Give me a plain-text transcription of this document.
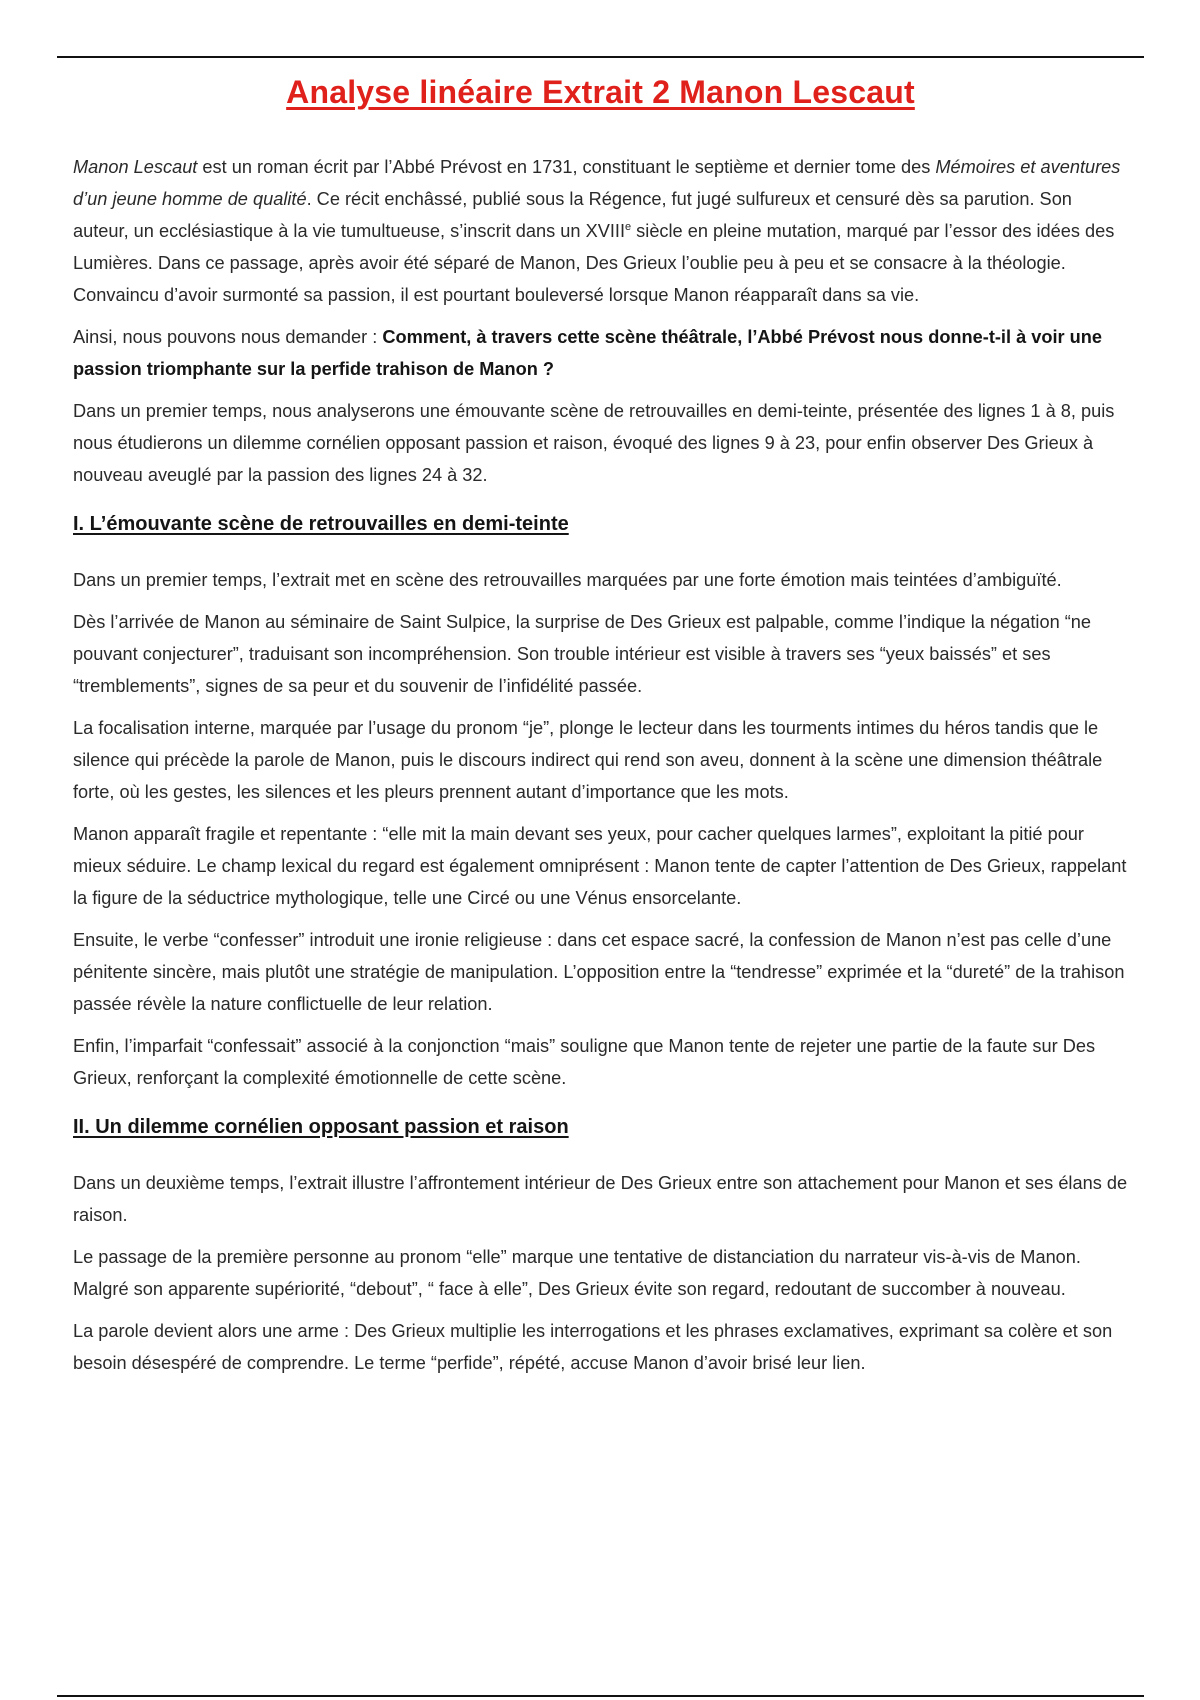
Analyse linéaire Extrait 2 Manon Lescaut

Manon Lescaut est un roman écrit par l’Abbé Prévost en 1731, constituant le septième et dernier tome des Mémoires et aventures d’un jeune homme de qualité. Ce récit enchâssé, publié sous la Régence, fut jugé sulfureux et censuré dès sa parution. Son auteur, un ecclésiastique à la vie tumultueuse, s’inscrit dans un XVIIIe siècle en pleine mutation, marqué par l’essor des idées des Lumières. Dans ce passage, après avoir été séparé de Manon, Des Grieux l’oublie peu à peu et se consacre à la théologie. Convaincu d’avoir surmonté sa passion, il est pourtant bouleversé lorsque Manon réapparaît dans sa vie.

Ainsi, nous pouvons nous demander : Comment, à travers cette scène théâtrale, l’Abbé Prévost nous donne-t-il à voir une passion triomphante sur la perfide trahison de Manon ?

Dans un premier temps, nous analyserons une émouvante scène de retrouvailles en demi-teinte, présentée des lignes 1 à 8, puis nous étudierons un dilemme cornélien opposant passion et raison, évoqué des lignes 9 à 23, pour enfin observer Des Grieux à nouveau aveuglé par la passion des lignes 24 à 32.

I. L’émouvante scène de retrouvailles en demi-teinte

Dans un premier temps, l’extrait met en scène des retrouvailles marquées par une forte émotion mais teintées d’ambiguïté.

Dès l’arrivée de Manon au séminaire de Saint Sulpice, la surprise de Des Grieux est palpable, comme l’indique la négation “ne pouvant conjecturer”, traduisant son incompréhension. Son trouble intérieur est visible à travers ses “yeux baissés” et ses “tremblements”, signes de sa peur et du souvenir de l’infidélité passée.

La focalisation interne, marquée par l’usage du pronom “je”, plonge le lecteur dans les tourments intimes du héros tandis que le silence qui précède la parole de Manon, puis le discours indirect qui rend son aveu, donnent à la scène une dimension théâtrale forte, où les gestes, les silences et les pleurs prennent autant d’importance que les mots.

Manon apparaît fragile et repentante : “elle mit la main devant ses yeux, pour cacher quelques larmes”, exploitant la pitié pour mieux séduire. Le champ lexical du regard est également omniprésent : Manon tente de capter l’attention de Des Grieux, rappelant la figure de la séductrice mythologique, telle une Circé ou une Vénus ensorcelante.

Ensuite, le verbe “confesser” introduit une ironie religieuse : dans cet espace sacré, la confession de Manon n’est pas celle d’une pénitente sincère, mais plutôt une stratégie de manipulation. L’opposition entre la “tendresse” exprimée et la “dureté” de la trahison passée révèle la nature conflictuelle de leur relation.

Enfin, l’imparfait “confessait” associé à la conjonction “mais” souligne que Manon tente de rejeter une partie de la faute sur Des Grieux, renforçant la complexité émotionnelle de cette scène.

II. Un dilemme cornélien opposant passion et raison

Dans un deuxième temps, l’extrait illustre l’affrontement intérieur de Des Grieux entre son attachement pour Manon et ses élans de raison.

Le passage de la première personne au pronom “elle” marque une tentative de distanciation du narrateur vis-à-vis de Manon. Malgré son apparente supériorité, “debout”, “ face à elle”, Des Grieux évite son regard, redoutant de succomber à nouveau.

La parole devient alors une arme : Des Grieux multiplie les interrogations et les phrases exclamatives, exprimant sa colère et son besoin désespéré de comprendre. Le terme “perfide”, répété, accuse Manon d’avoir brisé leur lien.
